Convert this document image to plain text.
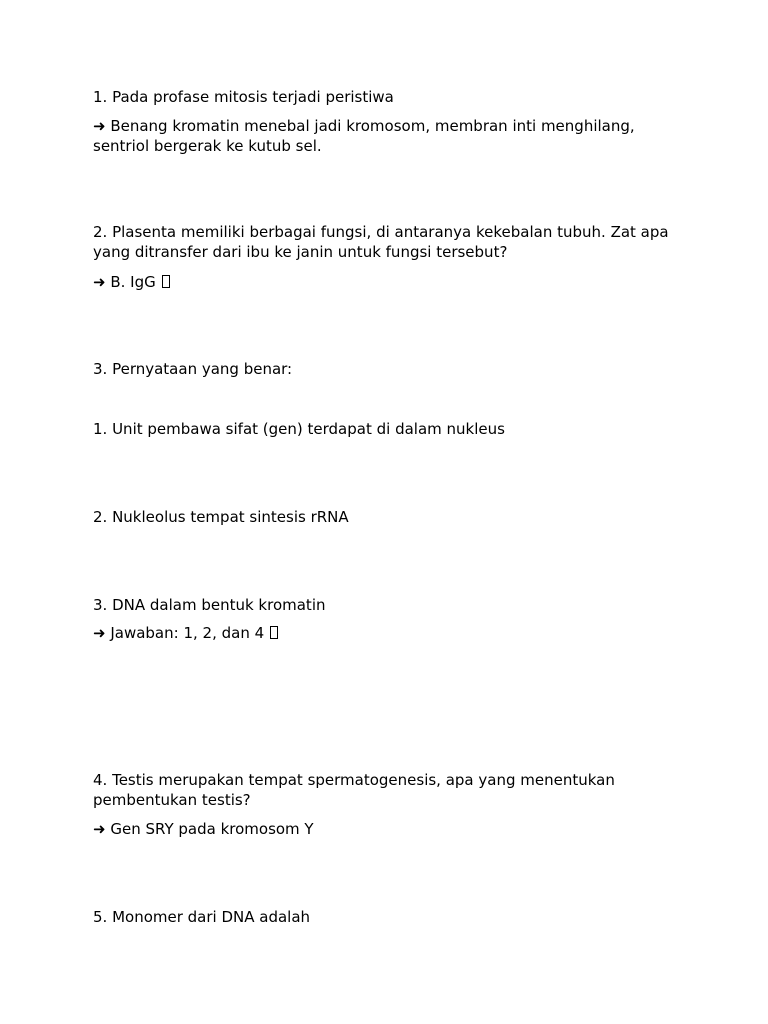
1. Pada profase mitosis terjadi peristiwa

➜ Benang kromatin menebal jadi kromosom, membran inti menghilang, sentriol bergerak ke kutub sel.

2. Plasenta memiliki berbagai fungsi, di antaranya kekebalan tubuh. Zat apa yang ditransfer dari ibu ke janin untuk fungsi tersebut?

➜ B. IgG

3. Pernyataan yang benar:

1. Unit pembawa sifat (gen) terdapat di dalam nukleus

2. Nukleolus tempat sintesis rRNA

3. DNA dalam bentuk kromatin

➜ Jawaban: 1, 2, dan 4

4. Testis merupakan tempat spermatogenesis, apa yang menentukan pembentukan testis?

➜ Gen SRY pada kromosom Y

5. Monomer dari DNA adalah
